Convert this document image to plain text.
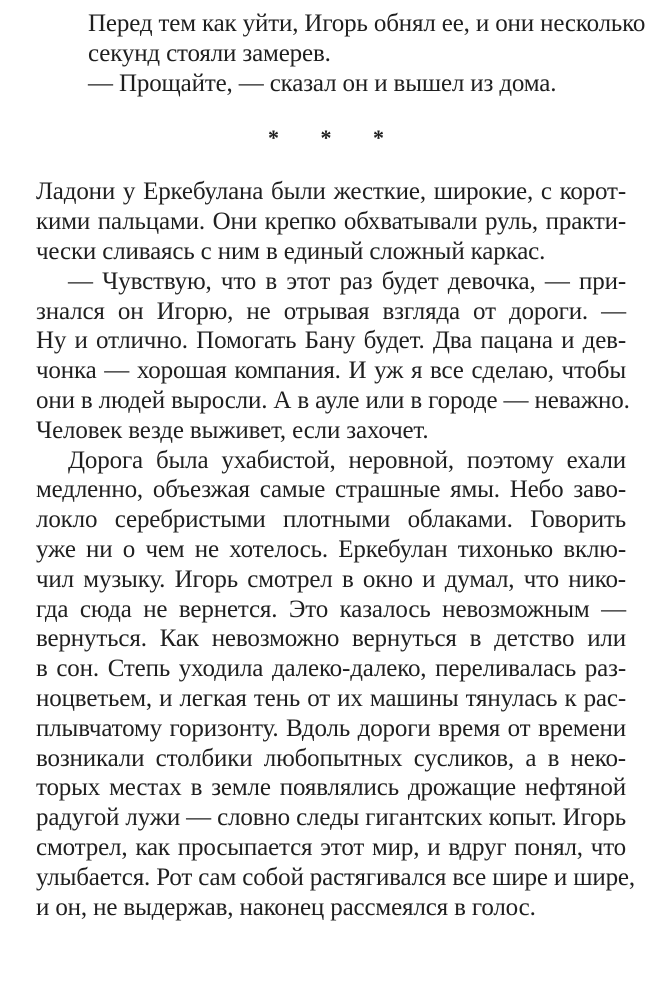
Перед тем как уйти, Игорь обнял ее, и они несколько
секунд стояли замерев.

— Прощайте, — сказал он и вышел из дома.

* * *

Ладони у Еркебулана были жесткие, широкие, с корот-
кими пальцами. Они крепко обхватывали руль, практи-
чески сливаясь с ним в единый сложный каркас.

— Чувствую, что в этот раз будет девочка, — при-
знался он Игорю, не отрывая взгляда от дороги. —
Ну и отлично. Помогать Бану будет. Два пацана и дев-
чонка — хорошая компания. И уж я все сделаю, чтобы
они в людей выросли. А в ауле или в городе — неважно.
Человек везде выживет, если захочет.

Дорога была ухабистой, неровной, поэтому ехали
медленно, объезжая самые страшные ямы. Небо заво-
локло серебристыми плотными облаками. Говорить
уже ни о чем не хотелось. Еркебулан тихонько вклю-
чил музыку. Игорь смотрел в окно и думал, что нико-
гда сюда не вернется. Это казалось невозможным —
вернуться. Как невозможно вернуться в детство или
в сон. Степь уходила далеко-далеко, переливалась раз-
ноцветьем, и легкая тень от их машины тянулась к рас-
плывчатому горизонту. Вдоль дороги время от времени
возникали столбики любопытных сусликов, а в неко-
торых местах в земле появлялись дрожащие нефтяной
радугой лужи — словно следы гигантских копыт. Игорь
смотрел, как просыпается этот мир, и вдруг понял, что
улыбается. Рот сам собой растягивался все шире и шире,
и он, не выдержав, наконец рассмеялся в голос.
